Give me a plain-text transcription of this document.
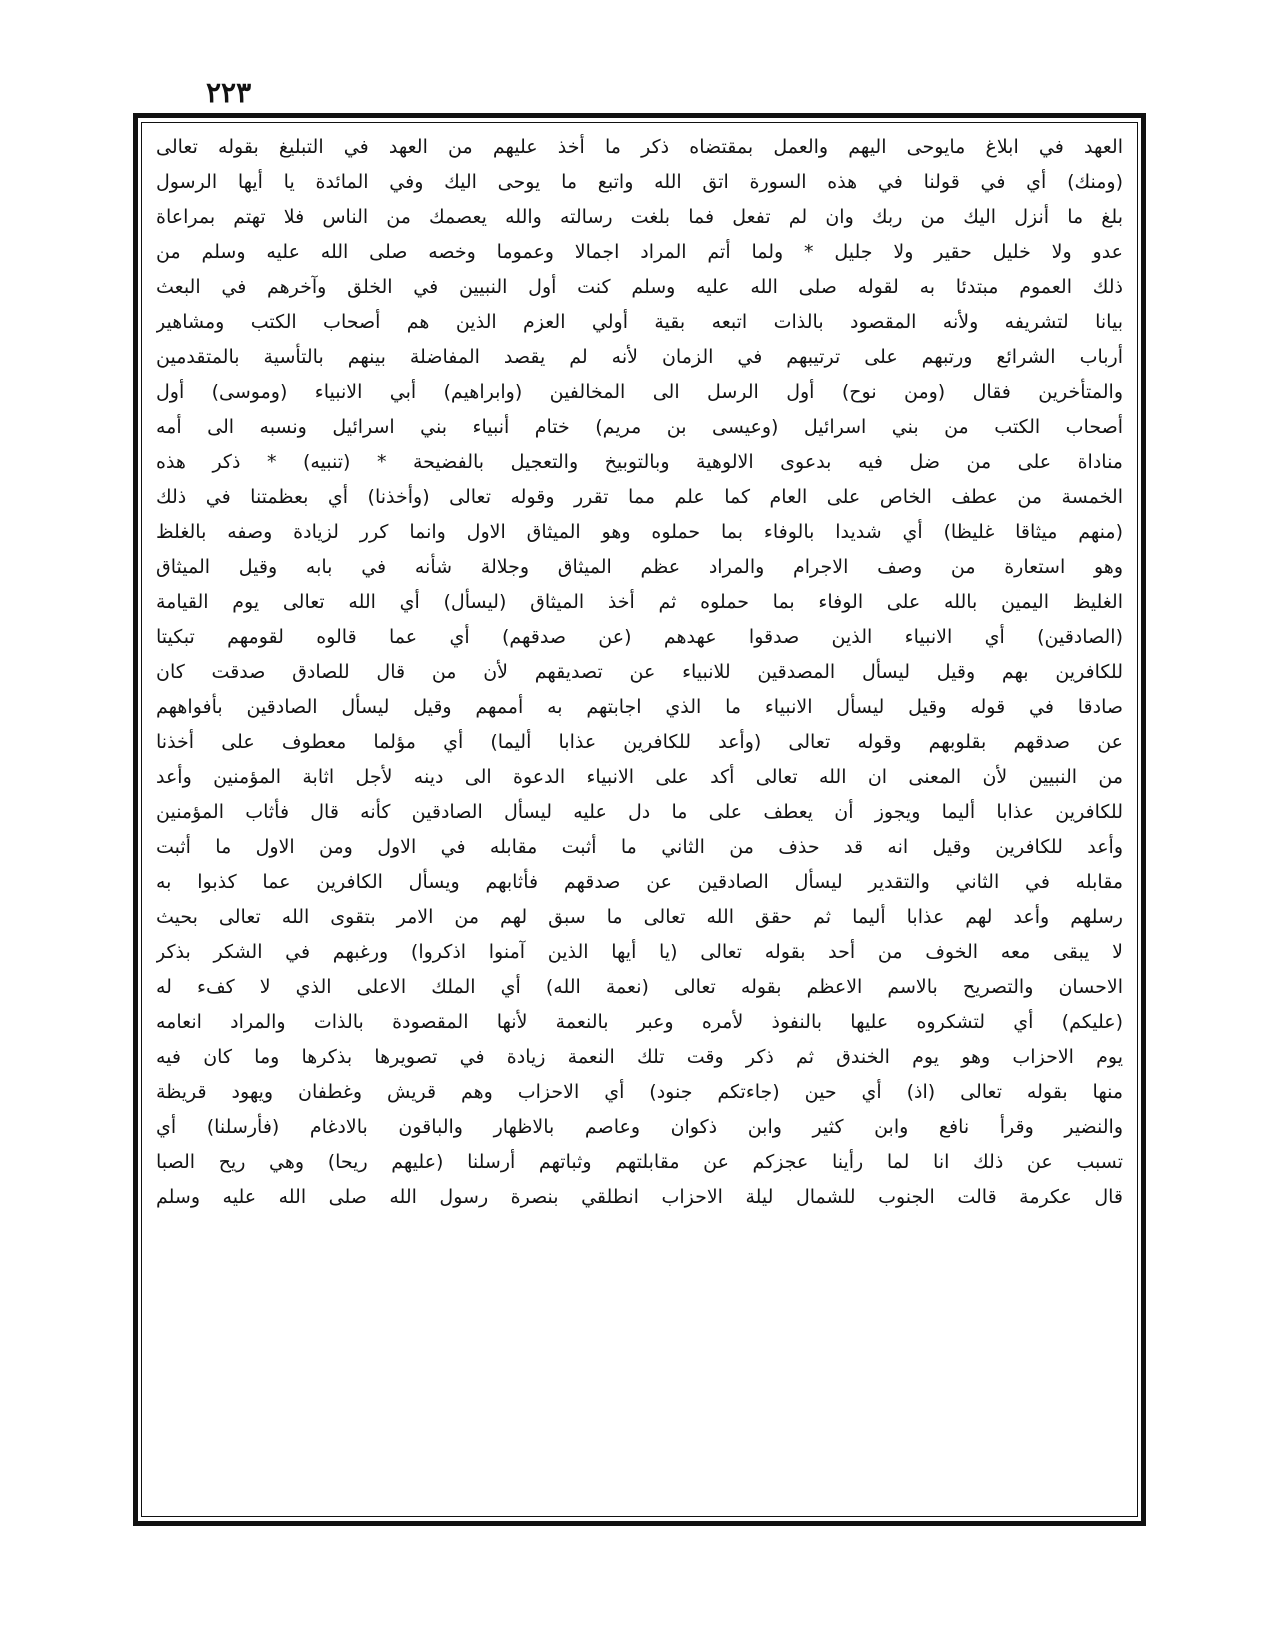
٢٢٣
العهد في ابلاغ مايوحى اليهم والعمل بمقتضاه ذكر ما أخذ عليهم من العهد في التبليغ بقوله تعالى
(ومنك) أي في قولنا في هذه السورة اتق الله واتبع ما يوحى اليك وفي المائدة يا أيها الرسول
بلغ ما أنزل اليك من ربك وان لم تفعل فما بلغت رسالته والله يعصمك من الناس فلا تهتم بمراعاة
عدو ولا خليل حقير ولا جليل * ولما أتم المراد اجمالا وعموما وخصه صلى الله عليه وسلم من
ذلك العموم مبتدئا به لقوله صلى الله عليه وسلم كنت أول النبيين في الخلق وآخرهم في البعث
بيانا لتشريفه ولأنه المقصود بالذات اتبعه بقية أولي العزم الذين هم أصحاب الكتب ومشاهير
أرباب الشرائع ورتبهم على ترتيبهم في الزمان لأنه لم يقصد المفاضلة بينهم بالتأسية بالمتقدمين
والمتأخرين فقال (ومن نوح) أول الرسل الى المخالفين (وابراهيم) أبي الانبياء (وموسى) أول
أصحاب الكتب من بني اسرائيل (وعيسى بن مريم) ختام أنبياء بني اسرائيل ونسبه الى أمه
مناداة على من ضل فيه بدعوى الالوهية وبالتوبيخ والتعجيل بالفضيحة * (تنبيه) * ذكر هذه
الخمسة من عطف الخاص على العام كما علم مما تقرر وقوله تعالى (وأخذنا) أي بعظمتنا في ذلك
(منهم ميثاقا غليظا) أي شديدا بالوفاء بما حملوه وهو الميثاق الاول وانما كرر لزيادة وصفه بالغلظ
وهو استعارة من وصف الاجرام والمراد عظم الميثاق وجلالة شأنه في بابه وقيل الميثاق
الغليظ اليمين بالله على الوفاء بما حملوه ثم أخذ الميثاق (ليسأل) أي الله تعالى يوم القيامة
(الصادقين) أي الانبياء الذين صدقوا عهدهم (عن صدقهم) أي عما قالوه لقومهم تبكيتا
للكافرين بهم وقيل ليسأل المصدقين للانبياء عن تصديقهم لأن من قال للصادق صدقت كان
صادقا في قوله وقيل ليسأل الانبياء ما الذي اجابتهم به أممهم وقيل ليسأل الصادقين بأفواههم
عن صدقهم بقلوبهم وقوله تعالى (وأعد للكافرين عذابا أليما) أي مؤلما معطوف على أخذنا
من النبيين لأن المعنى ان الله تعالى أكد على الانبياء الدعوة الى دينه لأجل اثابة المؤمنين وأعد
للكافرين عذابا أليما ويجوز أن يعطف على ما دل عليه ليسأل الصادقين كأنه قال فأثاب المؤمنين
وأعد للكافرين وقيل انه قد حذف من الثاني ما أثبت مقابله في الاول ومن الاول ما أثبت
مقابله في الثاني والتقدير ليسأل الصادقين عن صدقهم فأثابهم ويسأل الكافرين عما كذبوا به
رسلهم وأعد لهم عذابا أليما ثم حقق الله تعالى ما سبق لهم من الامر بتقوى الله تعالى بحيث
لا يبقى معه الخوف من أحد بقوله تعالى (يا أيها الذين آمنوا اذكروا) ورغبهم في الشكر بذكر
الاحسان والتصريح بالاسم الاعظم بقوله تعالى (نعمة الله) أي الملك الاعلى الذي لا كفء له
(عليكم) أي لتشكروه عليها بالنفوذ لأمره وعبر بالنعمة لأنها المقصودة بالذات والمراد انعامه
يوم الاحزاب وهو يوم الخندق ثم ذكر وقت تلك النعمة زيادة في تصويرها بذكرها وما كان فيه
منها بقوله تعالى (اذ) أي حين (جاءتكم جنود) أي الاحزاب وهم قريش وغطفان ويهود قريظة
والنضير وقرأ نافع وابن كثير وابن ذكوان وعاصم بالاظهار والباقون بالادغام (فأرسلنا) أي
تسبب عن ذلك انا لما رأينا عجزكم عن مقابلتهم وثباتهم أرسلنا (عليهم ريحا) وهي ريح الصبا
قال عكرمة قالت الجنوب للشمال ليلة الاحزاب انطلقي بنصرة رسول الله صلى الله عليه وسلم
